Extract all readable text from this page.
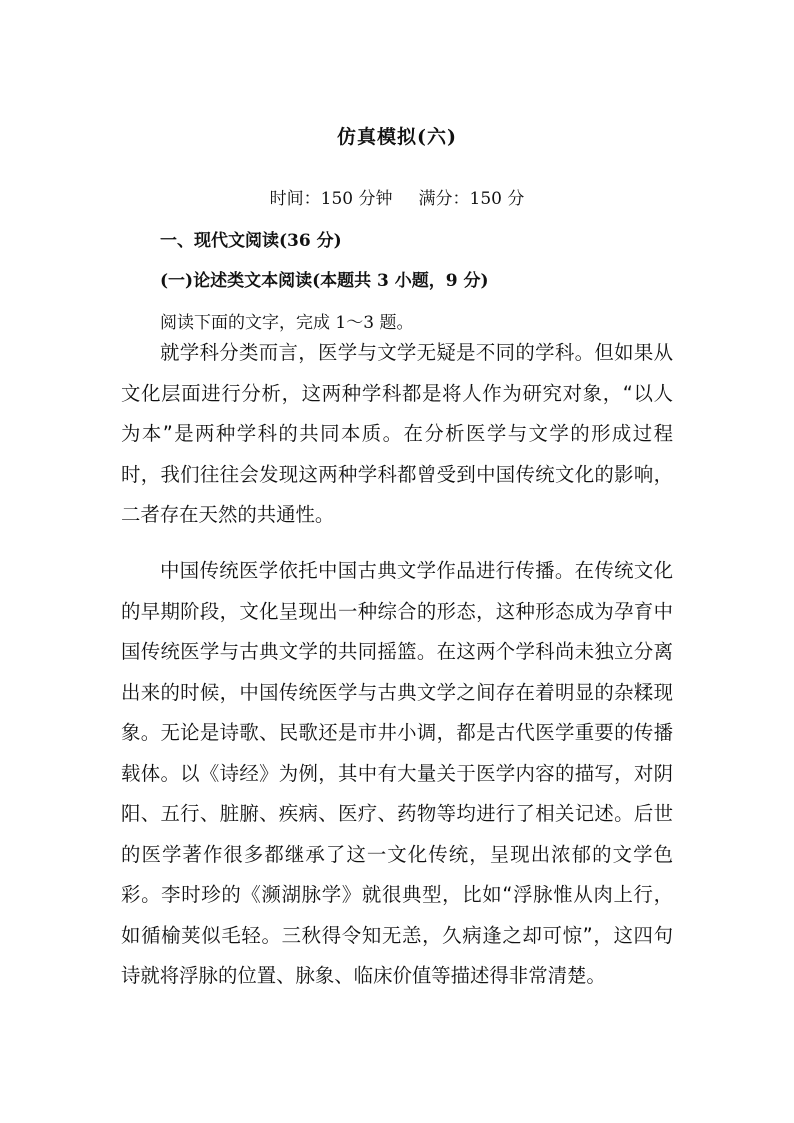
仿真模拟(六)
时间：150 分钟 满分：150 分
一、现代文阅读(36 分)
(一)论述类文本阅读(本题共 3 小题，9 分)
阅读下面的文字，完成 1～3 题。

就学科分类而言，医学与文学无疑是不同的学科。但如果从文化层面进行分析，这两种学科都是将人作为研究对象，“以人为本”是两种学科的共同本质。在分析医学与文学的形成过程时，我们往往会发现这两种学科都曾受到中国传统文化的影响，二者存在天然的共通性。

中国传统医学依托中国古典文学作品进行传播。在传统文化的早期阶段，文化呈现出一种综合的形态，这种形态成为孕育中国传统医学与古典文学的共同摇篮。在这两个学科尚未独立分离出来的时候，中国传统医学与古典文学之间存在着明显的杂糅现象。无论是诗歌、民歌还是市井小调，都是古代医学重要的传播载体。以《诗经》为例，其中有大量关于医学内容的描写，对阴阳、五行、脏腑、疾病、医疗、药物等均进行了相关记述。后世的医学著作很多都继承了这一文化传统，呈现出浓郁的文学色彩。李时珍的《濒湖脉学》就很典型，比如“浮脉惟从肉上行，如循榆荚似毛轻。三秋得令知无恙，久病逢之却可惊”，这四句诗就将浮脉的位置、脉象、临床价值等描述得非常清楚。
